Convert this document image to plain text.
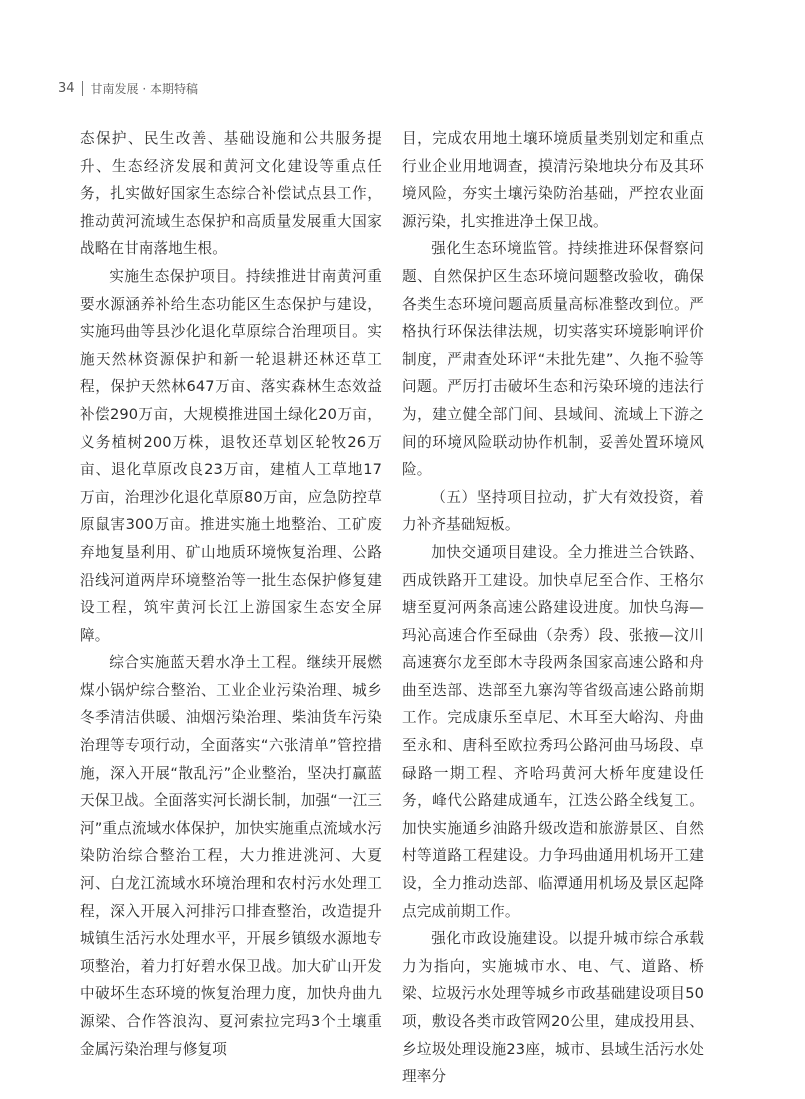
34 甘南发展 · 本期特稿

态保护、民生改善、基础设施和公共服务提升、生态经济发展和黄河文化建设等重点任务，扎实做好国家生态综合补偿试点县工作，推动黄河流域生态保护和高质量发展重大国家战略在甘南落地生根。

实施生态保护项目。持续推进甘南黄河重要水源涵养补给生态功能区生态保护与建设，实施玛曲等县沙化退化草原综合治理项目。实施天然林资源保护和新一轮退耕还林还草工程，保护天然林647万亩、落实森林生态效益补偿290万亩，大规模推进国土绿化20万亩，义务植树200万株，退牧还草划区轮牧26万亩、退化草原改良23万亩，建植人工草地17万亩，治理沙化退化草原80万亩，应急防控草原鼠害300万亩。推进实施土地整治、工矿废弃地复垦利用、矿山地质环境恢复治理、公路沿线河道两岸环境整治等一批生态保护修复建设工程，筑牢黄河长江上游国家生态安全屏障。

综合实施蓝天碧水净土工程。继续开展燃煤小锅炉综合整治、工业企业污染治理、城乡冬季清洁供暖、油烟污染治理、柴油货车污染治理等专项行动，全面落实“六张清单”管控措施，深入开展“散乱污”企业整治，坚决打赢蓝天保卫战。全面落实河长湖长制，加强“一江三河”重点流域水体保护，加快实施重点流域水污染防治综合整治工程，大力推进洮河、大夏河、白龙江流域水环境治理和农村污水处理工程，深入开展入河排污口排查整治，改造提升城镇生活污水处理水平，开展乡镇级水源地专项整治，着力打好碧水保卫战。加大矿山开发中破坏生态环境的恢复治理力度，加快舟曲九源梁、合作答浪沟、夏河索拉完玛3个土壤重金属污染治理与修复项

目，完成农用地土壤环境质量类别划定和重点行业企业用地调查，摸清污染地块分布及其环境风险，夯实土壤污染防治基础，严控农业面源污染，扎实推进净土保卫战。

强化生态环境监管。持续推进环保督察问题、自然保护区生态环境问题整改验收，确保各类生态环境问题高质量高标准整改到位。严格执行环保法律法规，切实落实环境影响评价制度，严肃查处环评“未批先建”、久拖不验等问题。严厉打击破坏生态和污染环境的违法行为，建立健全部门间、县域间、流域上下游之间的环境风险联动协作机制，妥善处置环境风险。

（五）坚持项目拉动，扩大有效投资，着力补齐基础短板。

加快交通项目建设。全力推进兰合铁路、西成铁路开工建设。加快卓尼至合作、王格尔塘至夏河两条高速公路建设进度。加快乌海—玛沁高速合作至碌曲（杂秀）段、张掖—汶川高速赛尔龙至郎木寺段两条国家高速公路和舟曲至迭部、迭部至九寨沟等省级高速公路前期工作。完成康乐至卓尼、木耳至大峪沟、舟曲至永和、唐科至欧拉秀玛公路河曲马场段、卓碌路一期工程、齐哈玛黄河大桥年度建设任务，峰代公路建成通车，江迭公路全线复工。加快实施通乡油路升级改造和旅游景区、自然村等道路工程建设。力争玛曲通用机场开工建设，全力推动迭部、临潭通用机场及景区起降点完成前期工作。

强化市政设施建设。以提升城市综合承载力为指向，实施城市水、电、气、道路、桥梁、垃圾污水处理等城乡市政基础建设项目50项，敷设各类市政管网20公里，建成投用县、乡垃圾处理设施23座，城市、县域生活污水处理率分
